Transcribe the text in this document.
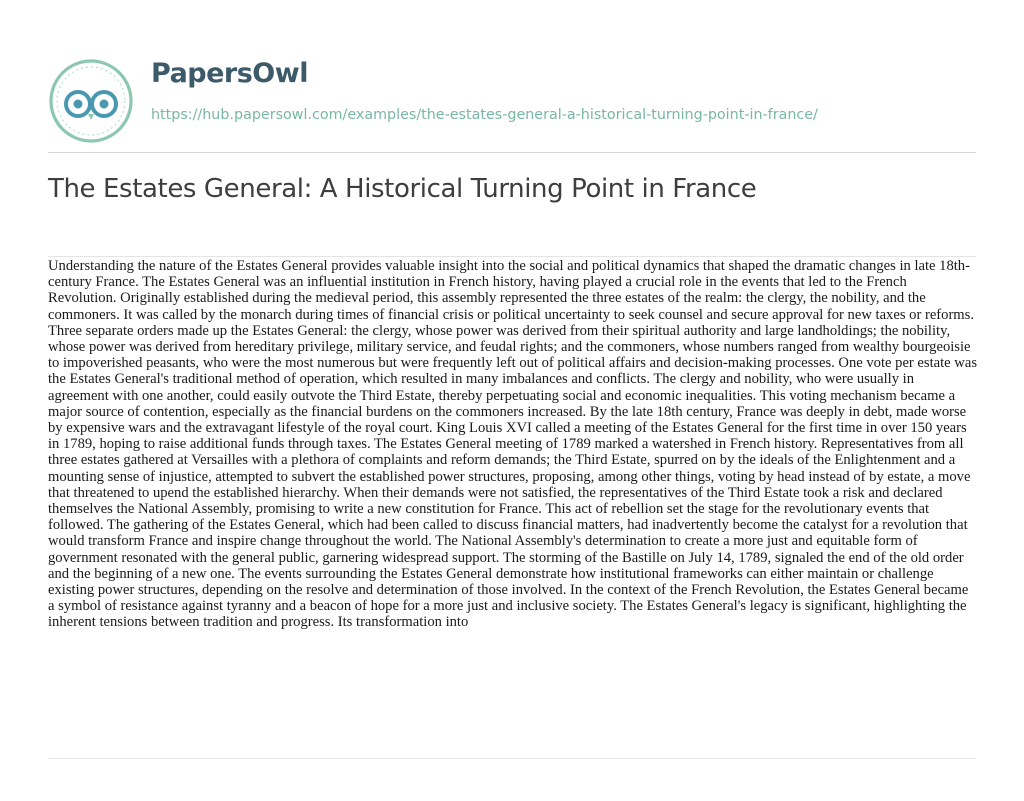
PapersOwl
https://hub.papersowl.com/examples/the-estates-general-a-historical-turning-point-in-france/
The Estates General: A Historical Turning Point in France

Understanding the nature of the Estates General provides valuable insight into the social and political dynamics that shaped the dramatic changes in late 18th-century France. The Estates General was an influential institution in French history, having played a crucial role in the events that led to the French Revolution. Originally established during the medieval period, this assembly represented the three estates of the realm: the clergy, the nobility, and the commoners. It was called by the monarch during times of financial crisis or political uncertainty to seek counsel and secure approval for new taxes or reforms. Three separate orders made up the Estates General: the clergy, whose power was derived from their spiritual authority and large landholdings; the nobility, whose power was derived from hereditary privilege, military service, and feudal rights; and the commoners, whose numbers ranged from wealthy bourgeoisie to impoverished peasants, who were the most numerous but were frequently left out of political affairs and decision-making processes. One vote per estate was the Estates General's traditional method of operation, which resulted in many imbalances and conflicts. The clergy and nobility, who were usually in agreement with one another, could easily outvote the Third Estate, thereby perpetuating social and economic inequalities. This voting mechanism became a major source of contention, especially as the financial burdens on the commoners increased. By the late 18th century, France was deeply in debt, made worse by expensive wars and the extravagant lifestyle of the royal court. King Louis XVI called a meeting of the Estates General for the first time in over 150 years in 1789, hoping to raise additional funds through taxes. The Estates General meeting of 1789 marked a watershed in French history. Representatives from all three estates gathered at Versailles with a plethora of complaints and reform demands; the Third Estate, spurred on by the ideals of the Enlightenment and a mounting sense of injustice, attempted to subvert the established power structures, proposing, among other things, voting by head instead of by estate, a move that threatened to upend the established hierarchy. When their demands were not satisfied, the representatives of the Third Estate took a risk and declared themselves the National Assembly, promising to write a new constitution for France. This act of rebellion set the stage for the revolutionary events that followed. The gathering of the Estates General, which had been called to discuss financial matters, had inadvertently become the catalyst for a revolution that would transform France and inspire change throughout the world. The National Assembly's determination to create a more just and equitable form of government resonated with the general public, garnering widespread support. The storming of the Bastille on July 14, 1789, signaled the end of the old order and the beginning of a new one. The events surrounding the Estates General demonstrate how institutional frameworks can either maintain or challenge existing power structures, depending on the resolve and determination of those involved. In the context of the French Revolution, the Estates General became a symbol of resistance against tyranny and a beacon of hope for a more just and inclusive society. The Estates General's legacy is significant, highlighting the inherent tensions between tradition and progress. Its transformation into
